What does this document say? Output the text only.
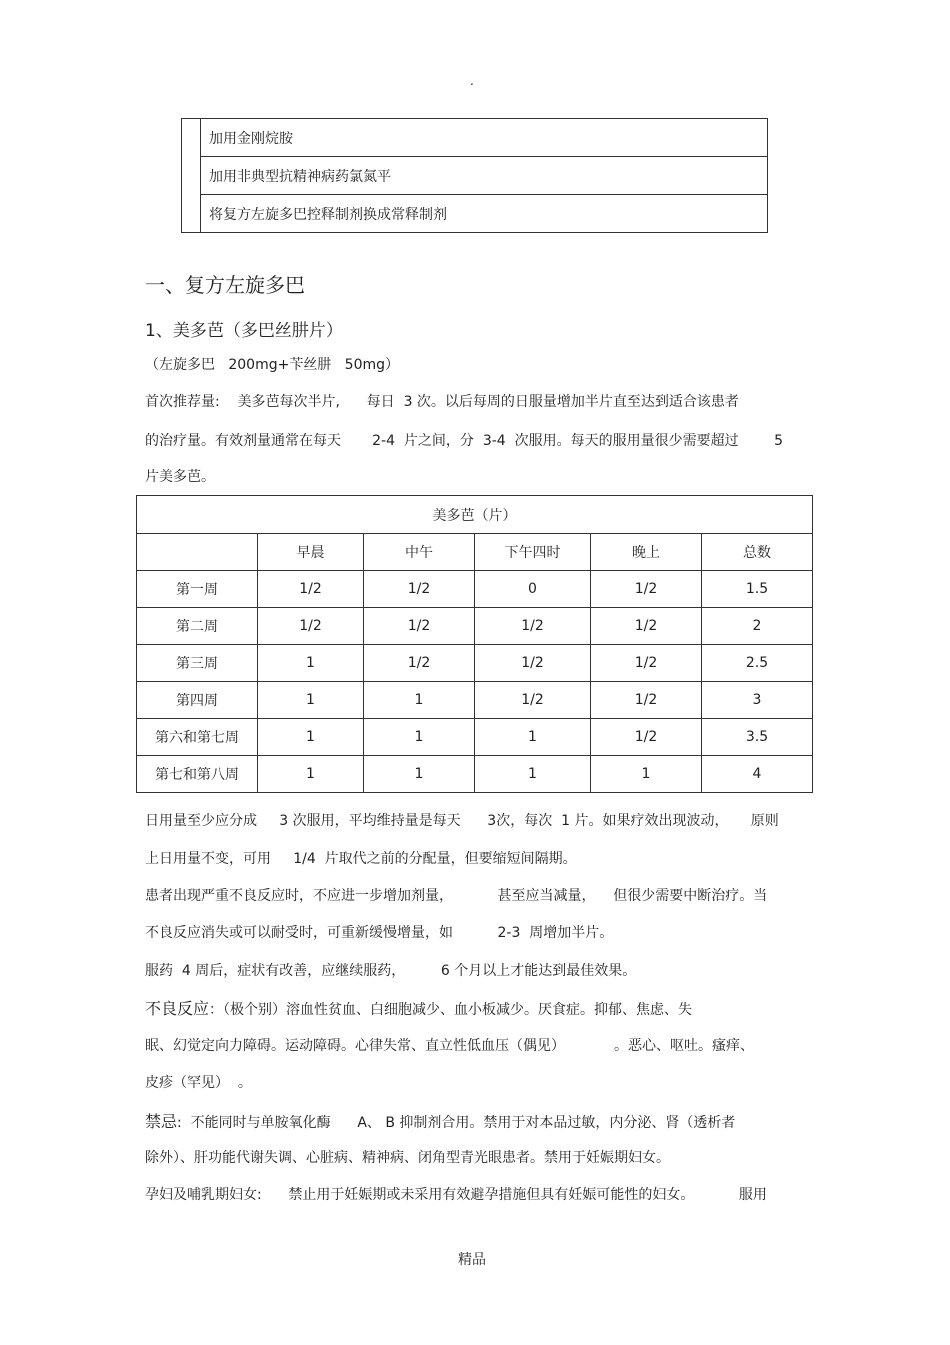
.
	加用金刚烷胺
加用非典型抗精神病药氯氮平
将复方左旋多巴控释制剂换成常释制剂
一、复方左旋多巴
1、美多芭（多巴丝肼片）
（左旋多巴   200mg+苄丝肼   50mg）
首次推荐量:    美多芭每次半片,      每日  3 次。以后每周的日服量增加半片直至达到适合该患者
的治疗量。有效剂量通常在每天       2-4  片之间，分  3-4  次服用。每天的服用量很少需要超过        5
片美多芭。
美多芭（片）					
	早晨	中午	下午四时	晚上	总数
第一周	1/2	1/2	0	1/2	1.5
第二周	1/2	1/2	1/2	1/2	2
第三周	1	1/2	1/2	1/2	2.5
第四周	1	1	1/2	1/2	3
第六和第七周	1	1	1	1/2	3.5
第七和第八周	1	1	1	1	4
日用量至少应分成     3 次服用，平均维持量是每天      3次，每次  1 片。如果疗效出现波动，     原则
上日用量不变，可用     1/4  片取代之前的分配量，但要缩短间隔期。
患者出现严重不良反应时，不应进一步增加剂量，          甚至应当减量，    但很少需要中断治疗。当
不良反应消失或可以耐受时，可重新缓慢增量，如          2-3  周增加半片。
服药  4 周后，症状有改善，应继续服药，        6 个月以上才能达到最佳效果。
不良反应：（极个别）溶血性贫血、白细胞减少、血小板减少。厌食症。抑郁、焦虑、失
眠、幻觉定向力障碍。运动障碍。心律失常、直立性低血压（偶见）           。恶心、呕吐。瘙痒、
皮疹（罕见）  。
禁忌:  不能同时与单胺氧化酶      A、 B 抑制剂合用。禁用于对本品过敏，内分泌、肾（透析者
除外）、肝功能代谢失调、心脏病、精神病、闭角型青光眼患者。禁用于妊娠期妇女。
孕妇及哺乳期妇女:      禁止用于妊娠期或未采用有效避孕措施但具有妊娠可能性的妇女。          服用
精品
